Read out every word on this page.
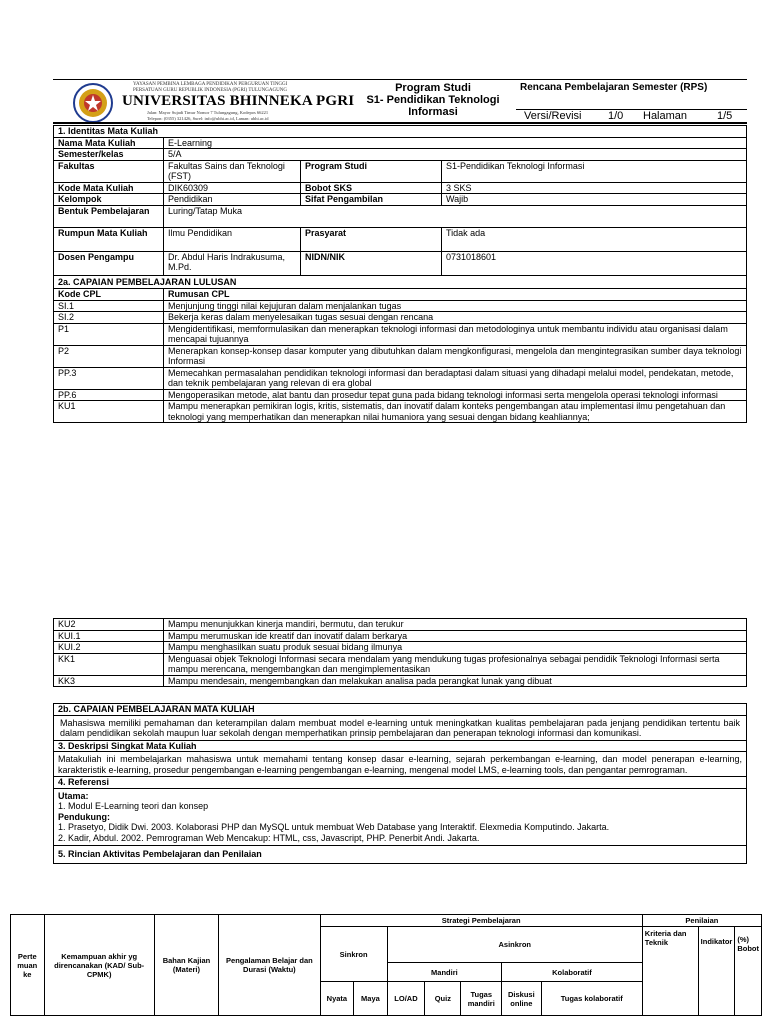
YAYASAN PEMBINA LEMBAGA PENDIDIKAN PERGURUAN TINGGI
PERSATUAN GURU REPUBLIK INDONESIA (PGRI) TULUNGAGUNG
UNIVERSITAS BHINNEKA PGRI
Jalan: Mayor Sujadi Timur Nomor 7 Tulungagung, Kodepos 66221
Telepon: (0355) 321426, Surel: info@ubhi.ac.id, Laman: ubhi.ac.id
Program Studi
S1- Pendidikan Teknologi
Informasi
Rencana Pembelajaran Semester (RPS)
Versi/Revisi 1/0 Halaman	1/5
1. Identitas Mata Kuliah			
Nama Mata Kuliah	E-Learning		
Semester/kelas	5/A		
Fakultas	Fakultas Sains dan Teknologi (FST)	Program Studi	S1-Pendidikan Teknologi Informasi
Kode Mata Kuliah	DIK60309	Bobot SKS	3 SKS
Kelompok	Pendidikan	Sifat Pengambilan	Wajib
Bentuk Pembelajaran	Luring/Tatap Muka		
Rumpun Mata Kuliah	Ilmu Pendidikan	Prasyarat	Tidak ada
Dosen Pengampu	Dr. Abdul Haris Indrakusuma, M.Pd.	NIDN/NIK	0731018601
2a. CAPAIAN PEMBELAJARAN LULUSAN			
Kode CPL	Rumusan CPL		
SI.1	Menjunjung tinggi nilai kejujuran dalam menjalankan tugas		
SI.2	Bekerja keras dalam menyelesaikan tugas sesuai dengan rencana		
P1	Mengidentifikasi, memformulasikan dan menerapkan teknologi informasi dan metodologinya untuk membantu individu atau organisasi dalam mencapai tujuannya		
P2	Menerapkan konsep-konsep dasar komputer yang dibutuhkan dalam mengkonfigurasi, mengelola dan mengintegrasikan sumber daya teknologi Informasi		
PP.3	Memecahkan permasalahan pendidikan teknologi informasi dan beradaptasi dalam situasi yang dihadapi melalui model, pendekatan, metode, dan teknik pembelajaran yang relevan di era global		
PP.6	Mengoperasikan metode, alat bantu dan prosedur tepat guna pada bidang teknologi informasi serta mengelola operasi teknologi informasi		
KU1	Mampu menerapkan pemikiran logis, kritis, sistematis, dan inovatif dalam konteks pengembangan atau implementasi ilmu pengetahuan dan teknologi yang memperhatikan dan menerapkan nilai humaniora yang sesuai dengan bidang keahliannya;		
KU2	Mampu menunjukkan kinerja mandiri, bermutu, dan terukur
KUI.1	Mampu merumuskan ide kreatif dan inovatif dalam berkarya
KUI.2	Mampu menghasilkan suatu produk sesuai bidang ilmunya
KK1	Menguasai objek Teknologi Informasi secara mendalam yang mendukung tugas profesionalnya sebagai pendidik Teknologi Informasi serta mampu merencana, mengembangkan dan mengimplementasikan
KK3	Mampu mendesain, mengembangkan dan melakukan analisa pada perangkat lunak yang dibuat
2b. CAPAIAN PEMBELAJARAN MATA KULIAH
Mahasiswa memiliki pemahaman dan keterampilan dalam membuat model e-learning untuk meningkatkan kualitas pembelajaran pada jenjang pendidikan tertentu baik dalam pendidikan sekolah maupun luar sekolah dengan memperhatikan prinsip pembelajaran dan penerapan teknologi informasi dan komunikasi.
3. Deskripsi Singkat Mata Kuliah
Matakuliah ini membelajarkan mahasiswa untuk memahami tentang konsep dasar e-learning, sejarah perkembangan e-learning, dan model penerapan e-learning, karakteristik e-learning, prosedur pengembangan e-learning pengembangan e-learning, mengenal model LMS, e-learning tools, dan pengantar pemrograman.
4. Referensi

Utama:
1. Modul E-Learning teori dan konsep
Pendukung:
1. Prasetyo, Didik Dwi. 2003. Kolaborasi PHP dan MySQL untuk membuat Web Database yang Interaktif. Elexmedia Komputindo. Jakarta.
2. Kadir, Abdul. 2002. Pemrograman Web Mencakup: HTML, css, Javascript, PHP. Penerbit Andi. Jakarta.

5. Rincian Aktivitas Pembelajaran dan Penilaian
Perte muan ke	Kemampuan akhir yg direncanakan (KAD/ Sub-CPMK)	Bahan Kajian (Materi)	Pengalaman Belajar dan Durasi (Waktu)	Strategi Pembelajaran							Penilaian		
				Sinkron		Asinkron					Kriteria dan Teknik	Indikator	(%) Bobot
						Mandiri			Kolaboratif				
				Nyata	Maya	LO/AD	Quiz	Tugas mandiri	Diskusi online	Tugas kolaboratif			
